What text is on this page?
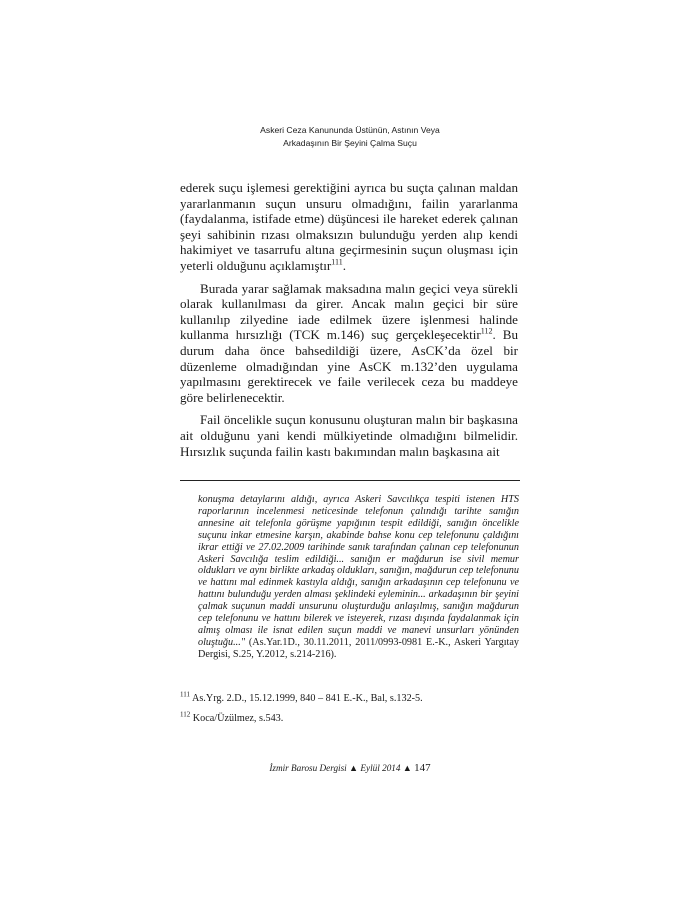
Askeri Ceza Kanununda Üstünün, Astının Veya
Arkadaşının Bir Şeyini Çalma Suçu

ederek suçu işlemesi gerektiğini ayrıca bu suçta çalınan maldan yararlanmanın suçun unsuru olmadığını, failin yararlanma (faydalanma, istifade etme) düşüncesi ile hareket ederek çalınan şeyi sahibinin rızası olmaksızın bulunduğu yerden alıp kendi hakimiyet ve tasarrufu altına geçirmesinin suçun oluşması için yeterli olduğunu açıklamıştır$^{111}$.

Burada yarar sağlamak maksadına malın geçici veya sürekli olarak kullanılması da girer. Ancak malın geçici bir süre kullanılıp zilyedine iade edilmek üzere işlenmesi halinde kullanma hırsızlığı (TCK m.146) suç gerçekleşecektir$^{112}$. Bu durum daha önce bahsedildiği üzere, AsCK’da özel bir düzenleme olmadığından yine AsCK m.132’den uygulama yapılmasını gerektirecek ve faile verilecek ceza bu maddeye göre belirlenecektir.

Fail öncelikle suçun konusunu oluşturan malın bir başkasına ait olduğunu yani kendi mülkiyetinde olmadığını bilmelidir. Hırsızlık suçunda failin kastı bakımından malın başkasına ait

konuşma detaylarını aldığı, ayrıca Askeri Savcılıkça tespiti istenen HTS raporlarının incelenmesi neticesinde telefonun çalındığı tarihte sanığın annesine ait telefonla görüşme yapığının tespit edildiği, sanığın öncelikle suçunu inkar etmesine karşın, akabinde bahse konu cep telefonunu çaldığını ikrar ettiği ve 27.02.2009 tarihinde sanık tarafından çalınan cep telefonunun Askeri Savcılığa teslim edildiği... sanığın er mağdurun ise sivil memur oldukları ve aynı birlikte arkadaş oldukları, sanığın, mağdurun cep telefonunu ve hattını mal edinmek kastıyla aldığı, sanığın arkadaşının cep telefonunu ve hattını bulunduğu yerden alması şeklindeki eyleminin... arkadaşının bir şeyini çalmak suçunun maddi unsurunu oluşturduğu anlaşılmış, sanığın mağdurun cep telefonunu ve hattını bilerek ve isteyerek, rızası dışında faydalanmak için almış olması ile isnat edilen suçun maddi ve manevi unsurları yönünden oluştuğu..." (As.Yar.1D., 30.11.2011, 2011/0993-0981 E.-K., Askeri Yargıtay Dergisi, S.25, Y.2012, s.214-216).
$^{111}$ As.Yrg. 2.D., 15.12.1999, 840 – 841 E.-K., Bal, s.132-5.
$^{112}$ Koca/Üzülmez, s.543.
İzmir Barosu Dergisi ▲ Eylül 2014 ▲ 147
